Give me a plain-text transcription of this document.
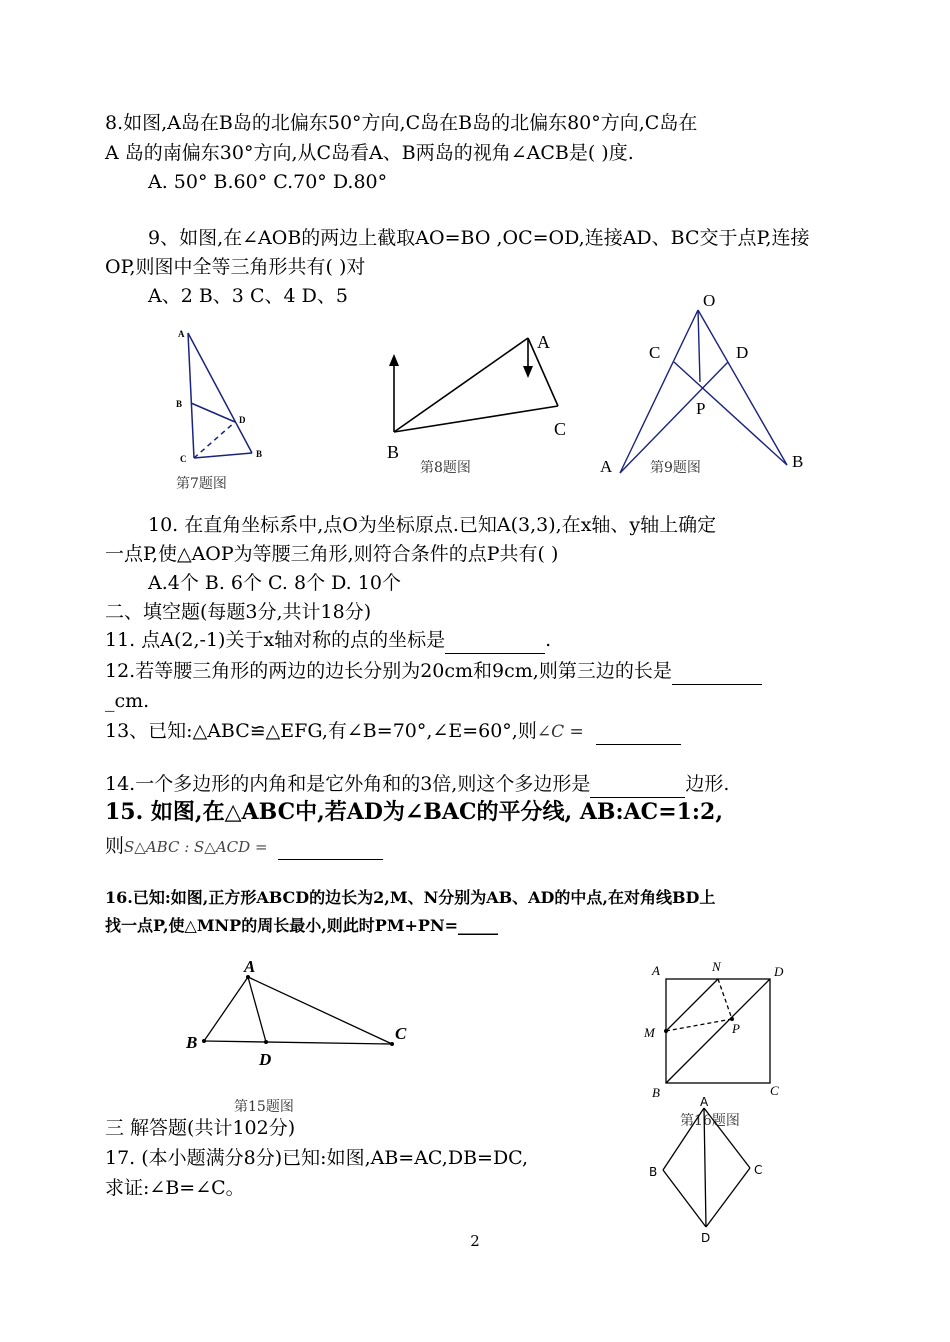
8.如图,A岛在B岛的北偏东50°方向,C岛在B岛的北偏东80°方向,C岛在
A 岛的南偏东30°方向,从C岛看A、B两岛的视角∠ACB是( )度.
A. 50° B.60° C.70° D.80°
9、如图,在∠AOB的两边上截取AO=BO ,OC=OD,连接AD、BC交于点P,连接
OP,则图中全等三角形共有( )对
A、2 B、3 C、4 D、5
A
B
D
C	B
第7题图
A
B
C
第8题图
O
C	D
P
A	B
第9题图
10. 在直角坐标系中,点O为坐标原点.已知A(3,3),在x轴、y轴上确定
一点P,使△AOP为等腰三角形,则符合条件的点P共有( )
A.4个 B. 6个 C. 8个 D. 10个
二、填空题(每题3分,共计18分)
11. 点A(2,-1)关于x轴对称的点的坐标是	.
12.若等腰三角形的两边的边长分别为20cm和9cm,则第三边的长是
_cm.
13、已知:△ABC≌△EFG,有∠B=70°,∠E=60°,则∠C =
14.一个多边形的内角和是它外角和的3倍,则这个多边形是	边形.
15. 如图,在△ABC中,若AD为∠BAC的平分线, AB:AC=1:2,
则S△ABC : S△ACD =
16.已知:如图,正方形ABCD的边长为2,M、N分别为AB、AD的中点,在对角线BD上
找一点P,使△MNP的周长最小,则此时PM+PN=_____
A
B	C
D
第15题图
A	N	D
M	P
B	C
第16题图
三 解答题(共计102分)
17. (本小题满分8分)已知:如图,AB=AC,DB=DC,
求证:∠B=∠C。
A
B	C
D
2
